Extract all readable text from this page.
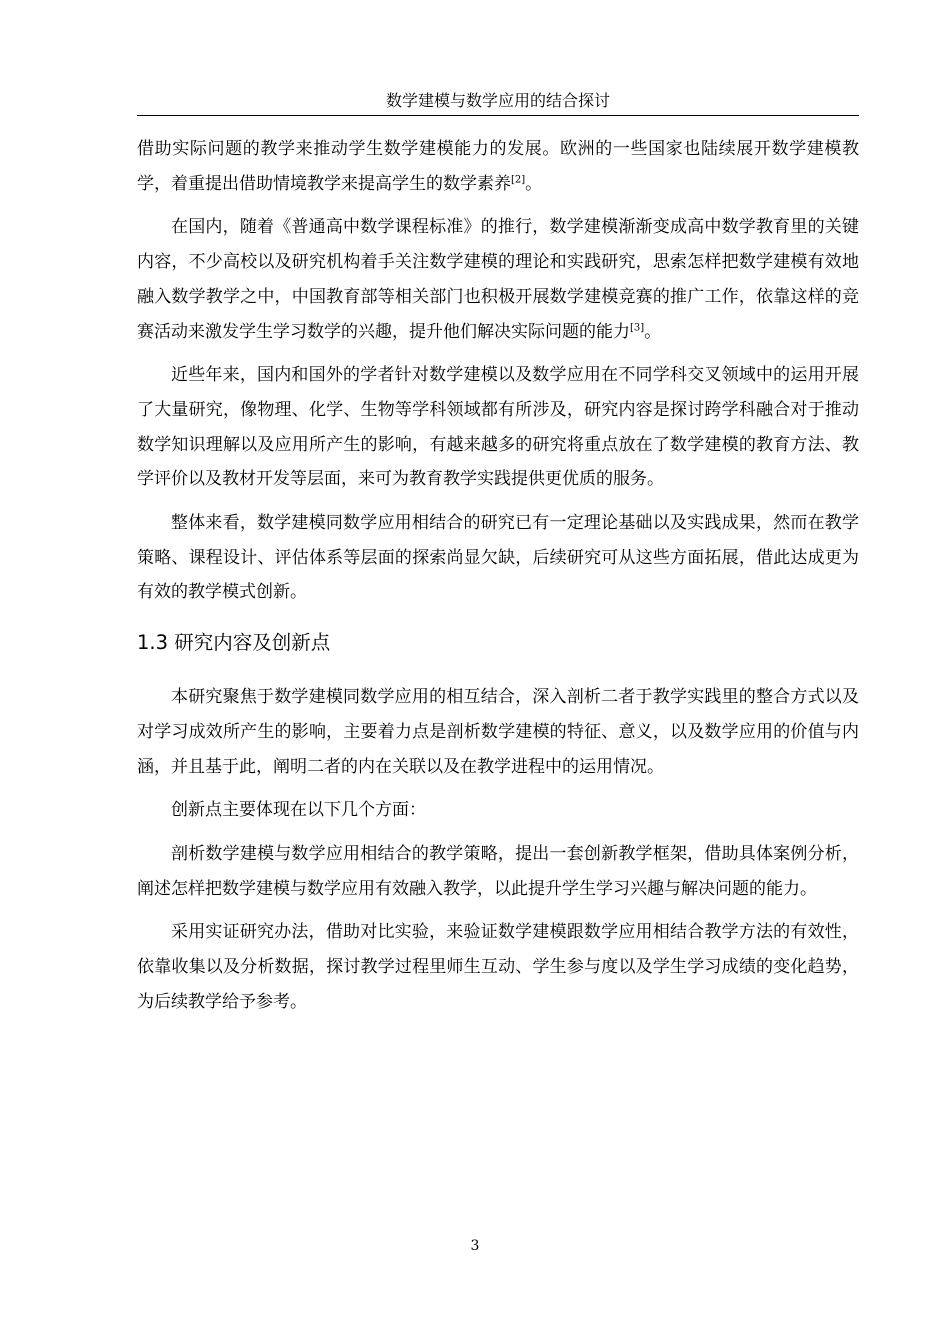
数学建模与数学应用的结合探讨

借助实际问题的教学来推动学生数学建模能力的发展。欧洲的一些国家也陆续展开数学建模教学，着重提出借助情境教学来提高学生的数学素养[2]。

在国内，随着《普通高中数学课程标准》的推行，数学建模渐渐变成高中数学教育里的关键内容，不少高校以及研究机构着手关注数学建模的理论和实践研究，思索怎样把数学建模有效地融入数学教学之中，中国教育部等相关部门也积极开展数学建模竞赛的推广工作，依靠这样的竞赛活动来激发学生学习数学的兴趣，提升他们解决实际问题的能力[3]。

近些年来，国内和国外的学者针对数学建模以及数学应用在不同学科交叉领域中的运用开展了大量研究，像物理、化学、生物等学科领域都有所涉及，研究内容是探讨跨学科融合对于推动数学知识理解以及应用所产生的影响，有越来越多的研究将重点放在了数学建模的教育方法、教学评价以及教材开发等层面，来可为教育教学实践提供更优质的服务。

整体来看，数学建模同数学应用相结合的研究已有一定理论基础以及实践成果，然而在教学策略、课程设计、评估体系等层面的探索尚显欠缺，后续研究可从这些方面拓展，借此达成更为有效的教学模式创新。

1.3 研究内容及创新点

本研究聚焦于数学建模同数学应用的相互结合，深入剖析二者于教学实践里的整合方式以及对学习成效所产生的影响，主要着力点是剖析数学建模的特征、意义，以及数学应用的价值与内涵，并且基于此，阐明二者的内在关联以及在教学进程中的运用情况。

创新点主要体现在以下几个方面：

剖析数学建模与数学应用相结合的教学策略，提出一套创新教学框架，借助具体案例分析，阐述怎样把数学建模与数学应用有效融入教学，以此提升学生学习兴趣与解决问题的能力。

采用实证研究办法，借助对比实验，来验证数学建模跟数学应用相结合教学方法的有效性，依靠收集以及分析数据，探讨教学过程里师生互动、学生参与度以及学生学习成绩的变化趋势，为后续教学给予参考。

3
